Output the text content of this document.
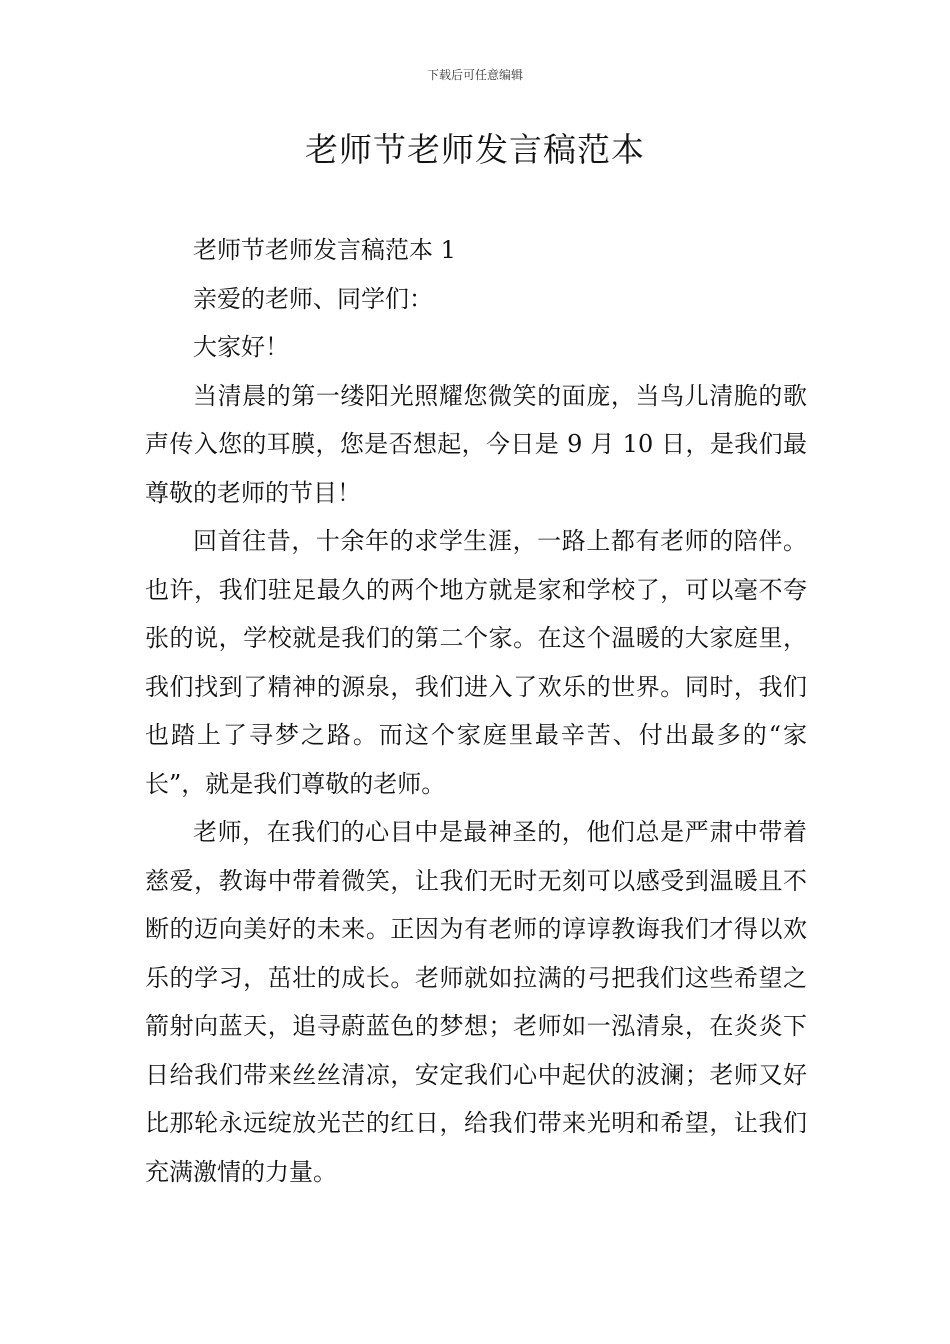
下载后可任意编辑
老师节老师发言稿范本

老师节老师发言稿范本 1

亲爱的老师、同学们：

大家好！

当清晨的第一缕阳光照耀您微笑的面庞，当鸟儿清脆的歌声传入您的耳膜，您是否想起，今日是 9 月 10 日，是我们最尊敬的老师的节目！

回首往昔，十余年的求学生涯，一路上都有老师的陪伴。也许，我们驻足最久的两个地方就是家和学校了，可以毫不夸张的说，学校就是我们的第二个家。在这个温暖的大家庭里，我们找到了精神的源泉，我们进入了欢乐的世界。同时，我们也踏上了寻梦之路。而这个家庭里最辛苦、付出最多的“家长”，就是我们尊敬的老师。

老师，在我们的心目中是最神圣的，他们总是严肃中带着慈爱，教诲中带着微笑，让我们无时无刻可以感受到温暖且不断的迈向美好的未来。正因为有老师的谆谆教诲我们才得以欢乐的学习，茁壮的成长。老师就如拉满的弓把我们这些希望之箭射向蓝天，追寻蔚蓝色的梦想；老师如一泓清泉，在炎炎下日给我们带来丝丝清凉，安定我们心中起伏的波澜；老师又好比那轮永远绽放光芒的红日，给我们带来光明和希望，让我们充满激情的力量。
